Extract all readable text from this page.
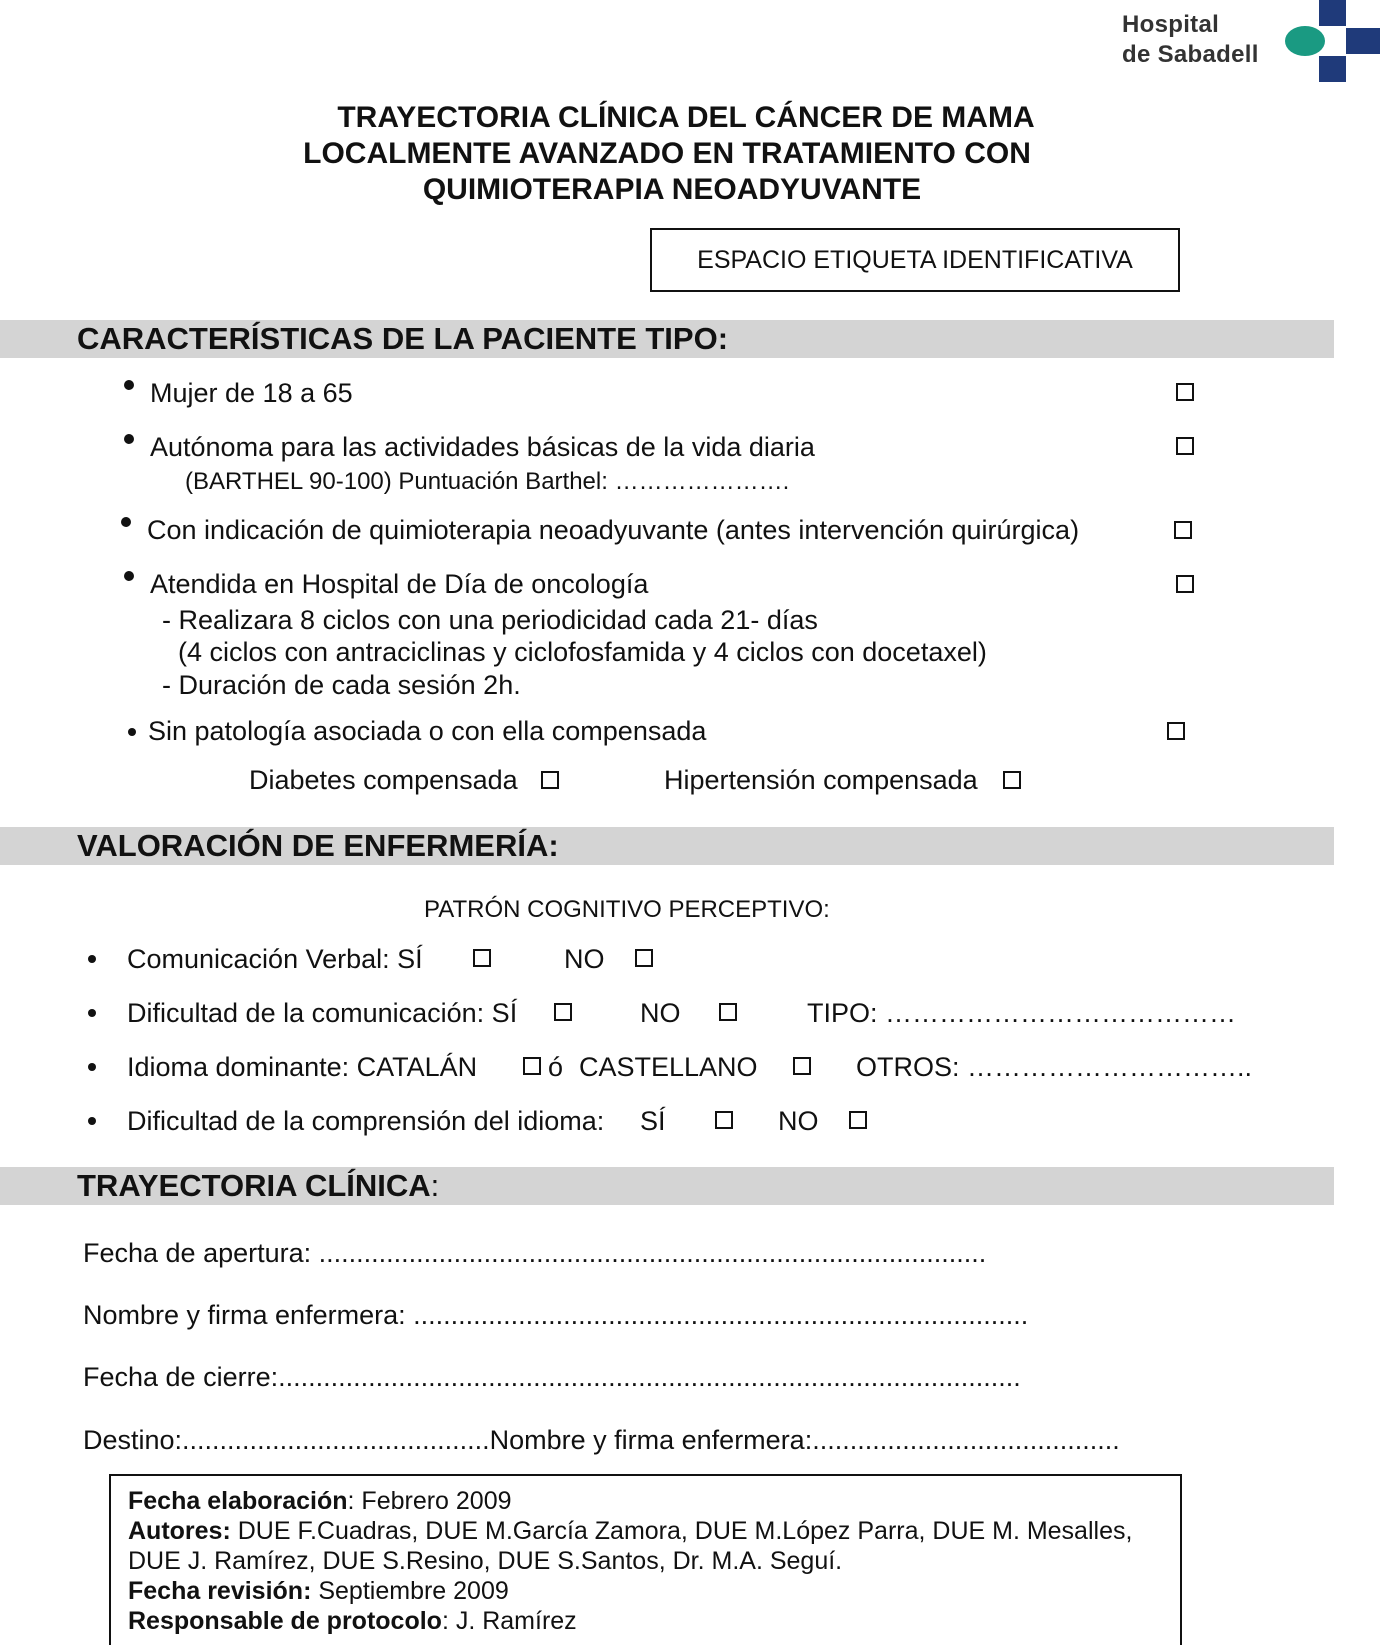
Hospital
de Sabadell
TRAYECTORIA CLÍNICA DEL CÁNCER DE MAMA
LOCALMENTE AVANZADO EN TRATAMIENTO CON
QUIMIOTERAPIA NEOADYUVANTE
ESPACIO ETIQUETA IDENTIFICATIVA
CARACTERÍSTICAS DE LA PACIENTE TIPO:
Mujer de 18 a 65
Autónoma para las actividades básicas de la vida diaria
(BARTHEL 90-100) Puntuación Barthel: ………………….
Con indicación de quimioterapia neoadyuvante (antes intervención quirúrgica)
Atendida en Hospital de Día de oncología
- Realizara 8 ciclos con una periodicidad cada 21- días
(4 ciclos con antraciclinas y ciclofosfamida y 4 ciclos con docetaxel)
- Duración de cada sesión 2h.
Sin patología asociada o con ella compensada
Diabetes compensada	Hipertensión compensada
VALORACIÓN DE ENFERMERÍA:
PATRÓN COGNITIVO PERCEPTIVO:
Comunicación Verbal: SÍ	NO
Dificultad de la comunicación: SÍ	NO	TIPO: …………………………………
Idioma dominante: CATALÁN	ó CASTELLANO	OTROS: …………………………..
Dificultad de la comprensión del idioma: SÍ	NO
TRAYECTORIA CLÍNICA:
Fecha de apertura: .........................................................................................
Nombre y firma enfermera: ..................................................................................
Fecha de cierre:...................................................................................................
Destino:.........................................Nombre y firma enfermera:.........................................
Fecha elaboración: Febrero 2009
Autores: DUE F.Cuadras, DUE M.García Zamora, DUE M.López Parra, DUE M. Mesalles,
DUE J. Ramírez, DUE S.Resino, DUE S.Santos, Dr. M.A. Seguí.
Fecha revisión: Septiembre 2009
Responsable de protocolo: J. Ramírez
